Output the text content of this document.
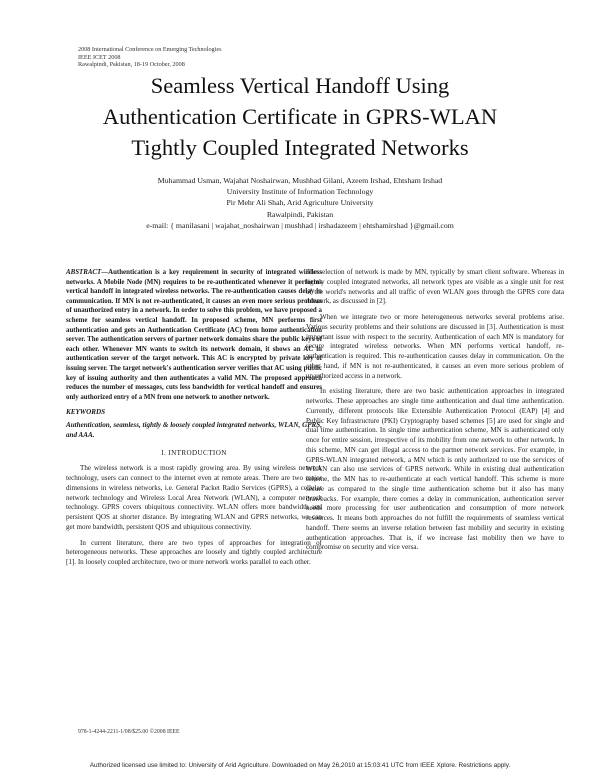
2008 International Conference on Emerging Technologies
IEEE ICET 2008
Rawalpindi, Pakistan, 18-19 October, 2008
Seamless Vertical Handoff Using
Authentication Certificate in GPRS-WLAN
Tightly Coupled Integrated Networks
Muhammad Usman, Wajahat Noshairwan, Mushhad Gilani, Azeem Irshad, Ehtsham Irshad
University Institute of Information Technology
Pir Mehr Ali Shah, Arid Agriculture University
Rawalpindi, Pakistan
e-mail: { manilasani | wajahat_noshairwan | mushhad | irshadazeem | ehtshamirshad }@gmail.com

ABSTRACT—Authentication is a key requirement in security of integrated wireless networks. A Mobile Node (MN) requires to be re-authenticated whenever it performs vertical handoff in integrated wireless networks. The re-authentication causes delay in communication. If MN is not re-authenticated, it causes an even more serious problem of unauthorized entry in a network. In order to solve this problem, we have proposed a scheme for seamless vertical handoff. In proposed scheme, MN performs first authentication and gets an Authentication Certificate (AC) from home authentication server. The authentication servers of partner network domains share the public keys of each other. Whenever MN wants to switch its network domain, it shows an AC in authentication server of the target network. This AC is encrypted by private key of issuing server. The target network's authentication server verifies that AC using public key of issuing authority and then authenticates a valid MN. The proposed approach reduces the number of messages, cuts less bandwidth for vertical handoff and ensures only authorized entry of a MN from one network to another network.

KEYWORDS
Authentication, seamless, tightly & loosely coupled integrated networks, WLAN, GPRS, and AAA.
I. INTRODUCTION

The wireless network is a most rapidly growing area. By using wireless network technology, users can connect to the internet even at remote areas. There are two major dimensions in wireless networks, i.e. General Packet Radio Services (GPRS), a cellular network technology and Wireless Local Area Network (WLAN), a computer network technology. GPRS covers ubiquitous connectivity. WLAN offers more bandwidth and persistent QOS at shorter distance. By integrating WLAN and GPRS networks, we can get more bandwidth, persistent QOS and ubiquitous connectivity.

In current literature, there are two types of approaches for integration of heterogeneous networks. These approaches are loosely and tightly coupled architecture [1]. In loosely coupled architecture, two or more network works parallel to each other.

The selection of network is made by MN, typically by smart client software. Whereas in tightly coupled integrated networks, all network types are visible as a single unit for rest of the world's networks and all traffic of even WLAN goes through the GPRS core data network, as discussed in [2].

When we integrate two or more heterogeneous networks several problems arise. Various security problems and their solutions are discussed in [3]. Authentication is most important issue with respect to the security. Authentication of each MN is mandatory for secure integrated wireless networks. When MN performs vertical handoff, re-authentication is required. This re-authentication causes delay in communication. On the other hand, if MN is not re-authenticated, it causes an even more serious problem of unauthorized access in a network.

In existing literature, there are two basic authentication approaches in integrated networks. These approaches are single time authentication and dual time authentication. Currently, different protocols like Extensible Authentication Protocol (EAP) [4] and Public Key Infrastructure (PKI) Cryptography based schemes [5] are used for single and dual time authentication. In single time authentication scheme, MN is authenticated only once for entire session, irrespective of its mobility from one network to other network. In this scheme, MN can get illegal access to the partner network services. For example, in GPRS-WLAN integrated network, a MN which is only authorized to use the services of WLAN can also use services of GPRS network. While in existing dual authentication scheme, the MN has to re-authenticate at each vertical handoff. This scheme is more secure as compared to the single time authentication scheme but it also has many drawbacks. For example, there comes a delay in communication, authentication server needs more processing for user authentication and consumption of more network resources. It means both approaches do not fulfill the requirements of seamless vertical handoff. There seems an inverse relation between fast mobility and security in existing authentication approaches. That is, if we increase fast mobility then we have to compromise on security and vice versa.

978-1-4244-2211-1/08/$25.00 ©2008 IEEE
Authorized licensed use limited to: University of Arid Agriculture. Downloaded on May 26,2010 at 15:03:41 UTC from IEEE Xplore. Restrictions apply.
